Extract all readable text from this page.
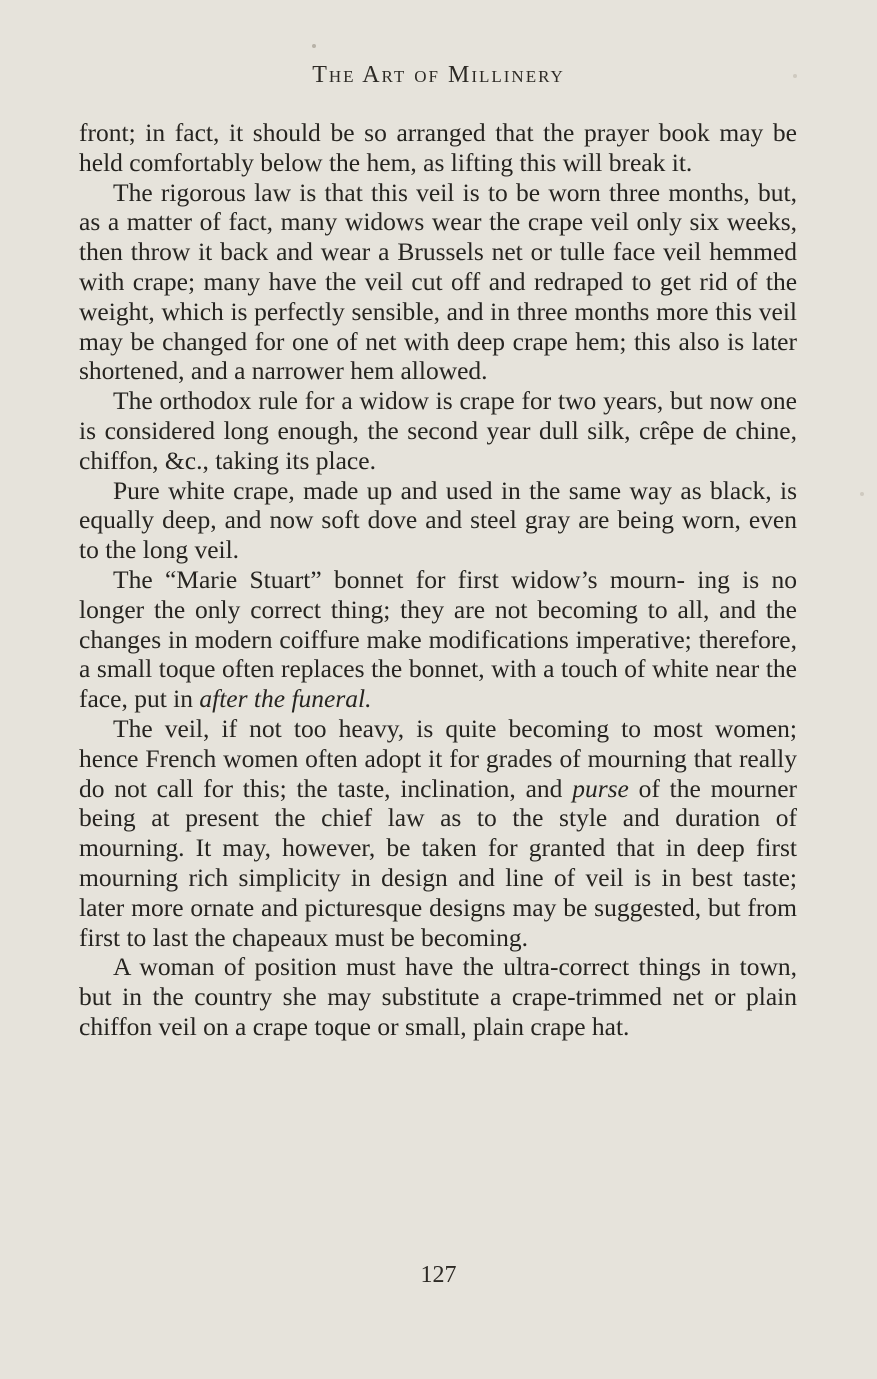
The Art of Millinery

front; in fact, it should be so arranged that the prayer book may be held comfortably below the hem, as lifting this will break it.

The rigorous law is that this veil is to be worn three months, but, as a matter of fact, many widows wear the crape veil only six weeks, then throw it back and wear a Brussels net or tulle face veil hemmed with crape; many have the veil cut off and redraped to get rid of the weight, which is perfectly sensible, and in three months more this veil may be changed for one of net with deep crape hem; this also is later shortened, and a narrower hem allowed.

The orthodox rule for a widow is crape for two years, but now one is considered long enough, the second year dull silk, crêpe de chine, chiffon, &c., taking its place.

Pure white crape, made up and used in the same way as black, is equally deep, and now soft dove and steel gray are being worn, even to the long veil.

The “Marie Stuart” bonnet for first widow’s mourn- ing is no longer the only correct thing; they are not becoming to all, and the changes in modern coiffure make modifications imperative; therefore, a small toque often replaces the bonnet, with a touch of white near the face, put in after the funeral.

The veil, if not too heavy, is quite becoming to most women; hence French women often adopt it for grades of mourning that really do not call for this; the taste, inclination, and purse of the mourner being at present the chief law as to the style and duration of mourning. It may, however, be taken for granted that in deep first mourning rich simplicity in design and line of veil is in best taste; later more ornate and picturesque designs may be suggested, but from first to last the chapeaux must be becoming.

A woman of position must have the ultra-correct things in town, but in the country she may substitute a crape-trimmed net or plain chiffon veil on a crape toque or small, plain crape hat.

127
